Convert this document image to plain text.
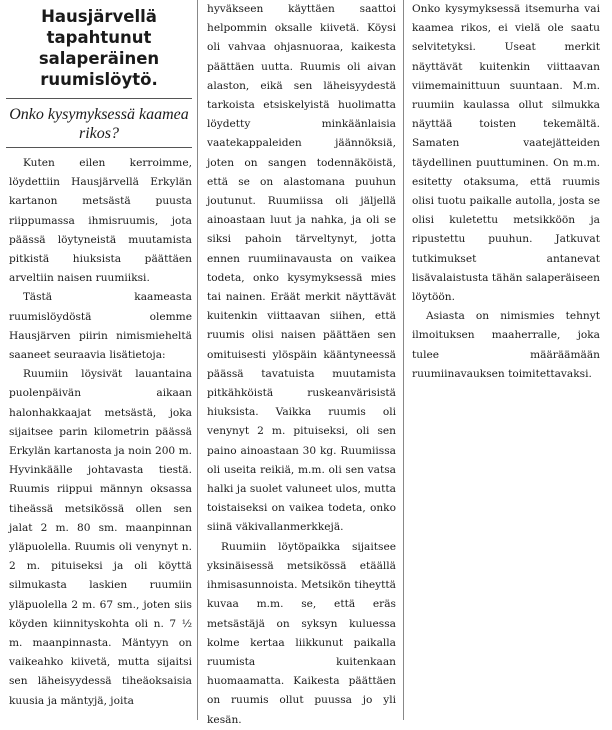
Hausjärvellä tapahtunut salaperäinen ruumislöytö.
Onko kysymyksessä kaamea rikos?

Kuten eilen kerroimme, löydettiin Hausjärvellä Erkylän kartanon metsästä puusta riippumassa ihmisruumis, jota päässä löytyneistä muutamista pitkistä hiuksista päättäen arveltiin naisen ruumiiksi.

Tästä kaameasta ruumislöydöstä olemme Hausjärven piirin nimismieheltä saaneet seuraavia lisätietoja:

Ruumiin löysivät lauantaina puolenpäivän aikaan halonhakkaajat metsästä, joka sijaitsee parin kilometrin päässä Erkylän kartanosta ja noin 200 m. Hyvinkäälle johtavasta tiestä. Ruumis riippui männyn oksassa tiheässä metsikössä ollen sen jalat 2 m. 80 sm. maanpinnan yläpuolella. Ruumis oli venynyt n. 2 m. pituiseksi ja oli köyttä silmukasta laskien ruumiin yläpuolella 2 m. 67 sm., joten siis köyden kiinnityskohta oli n. 7 ½ m. maanpinnasta. Mäntyyn on vaikeahko kiivetä, mutta sijaitsi sen läheisyydessä tiheäoksaisia kuusia ja mäntyjä, joita

hyväkseen käyttäen saattoi helpommin oksalle kiivetä. Köysi oli vahvaa ohjasnuoraa, kaikesta päättäen uutta. Ruumis oli aivan alaston, eikä sen läheisyydestä tarkoista etsiskelyistä huolimatta löydetty minkäänlaisia vaatekappaleiden jäännöksiä, joten on sangen todennäköistä, että se on alastomana puuhun joutunut. Ruumiissa oli jäljellä ainoastaan luut ja nahka, ja oli se siksi pahoin tärveltynyt, jotta ennen ruumiinavausta on vaikea todeta, onko kysymyksessä mies tai nainen. Eräät merkit näyttävät kuitenkin viittaavan siihen, että ruumis olisi naisen päättäen sen omituisesti ylöspäin kääntyneessä päässä tavatuista muutamista pitkähköistä ruskeanvärisistä hiuksista. Vaikka ruumis oli venynyt 2 m. pituiseksi, oli sen paino ainoastaan 30 kg. Ruumiissa oli useita reikiä, m.m. oli sen vatsa halki ja suolet valuneet ulos, mutta toistaiseksi on vaikea todeta, onko siinä väkivallanmerkkejä.

Ruumiin löytöpaikka sijaitsee yksinäisessä metsikössä etäällä ihmisasunnoista. Metsikön tiheyttä kuvaa m.m. se, että eräs metsästäjä on syksyn kuluessa kolme kertaa liikkunut paikalla ruumista kuitenkaan huomaamatta. Kaikesta päättäen on ruumis ollut puussa jo yli kesän.

Onko kysymyksessä itsemurha vai kaamea rikos, ei vielä ole saatu selvitetyksi. Useat merkit näyttävät kuitenkin viittaavan viimemainittuun suuntaan. M.m. ruumiin kaulassa ollut silmukka näyttää toisten tekemältä. Samaten vaatejätteiden täydellinen puuttuminen. On m.m. esitetty otaksuma, että ruumis olisi tuotu paikalle autolla, josta se olisi kuletettu metsikköön ja ripustettu puuhun. Jatkuvat tutkimukset antanevat lisävalaistusta tähän salaperäiseen löytöön.

Asiasta on nimismies tehnyt ilmoituksen maaherralle, joka tulee määräämään ruumiinavauksen toimitettavaksi.
